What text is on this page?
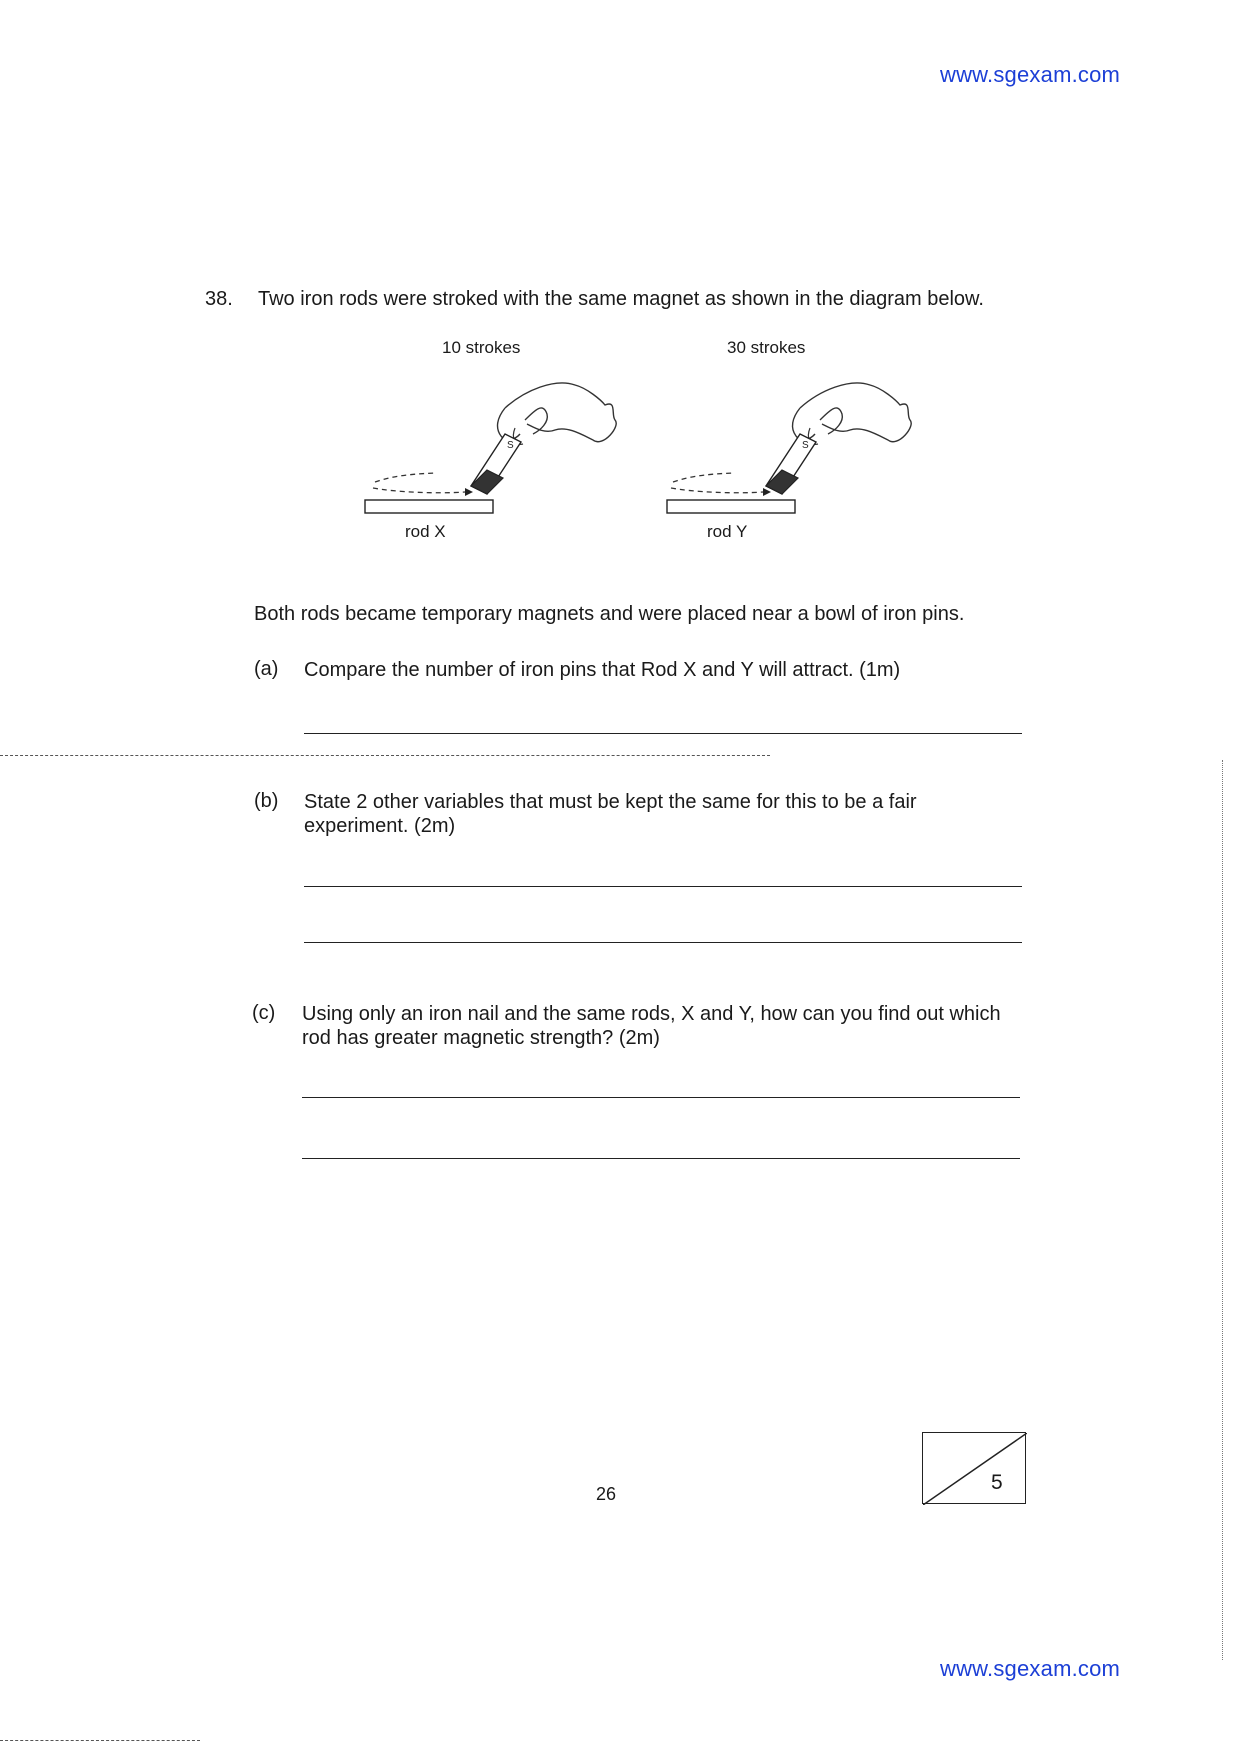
www.sgexam.com
38. Two iron rods were stroked with the same magnet as shown in the diagram below.
10 strokes	30 strokes
S	S
rod X	rod Y
Both rods became temporary magnets and were placed near a bowl of iron pins.
(a) Compare the number of iron pins that Rod X and Y will attract. (1m)
(b) State 2 other variables that must be kept the same for this to be a fair experiment. (2m)
(c) Using only an iron nail and the same rods, X and Y, how can you find out which rod has greater magnetic strength? (2m)
26	5
www.sgexam.com
